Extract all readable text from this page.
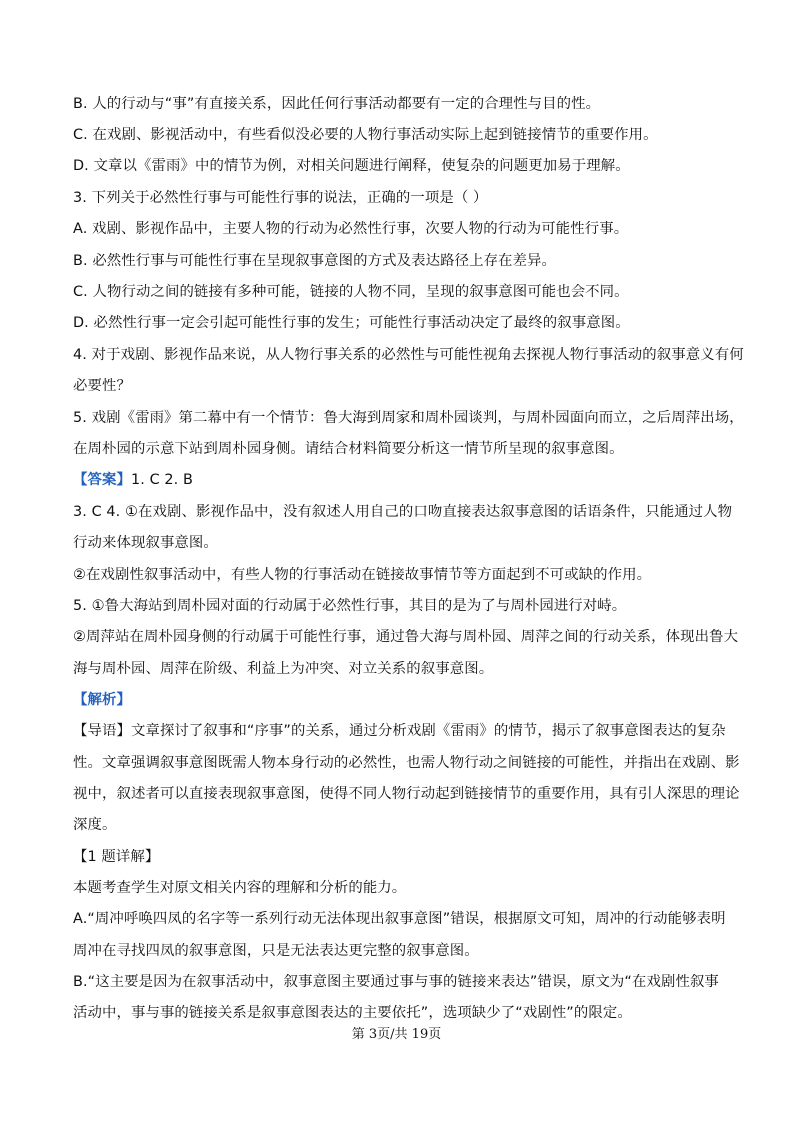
B. 人的行动与“事”有直接关系，因此任何行事活动都要有一定的合理性与目的性。
C. 在戏剧、影视活动中，有些看似没必要的人物行事活动实际上起到链接情节的重要作用。
D. 文章以《雷雨》中的情节为例，对相关问题进行阐释，使复杂的问题更加易于理解。
3. 下列关于必然性行事与可能性行事的说法，正确的一项是（ ）
A. 戏剧、影视作品中，主要人物的行动为必然性行事，次要人物的行动为可能性行事。
B. 必然性行事与可能性行事在呈现叙事意图的方式及表达路径上存在差异。
C. 人物行动之间的链接有多种可能，链接的人物不同，呈现的叙事意图可能也会不同。
D. 必然性行事一定会引起可能性行事的发生；可能性行事活动决定了最终的叙事意图。
4. 对于戏剧、影视作品来说，从人物行事关系的必然性与可能性视角去探视人物行事活动的叙事意义有何
必要性？
5. 戏剧《雷雨》第二幕中有一个情节：鲁大海到周家和周朴园谈判，与周朴园面向而立，之后周萍出场，
在周朴园的示意下站到周朴园身侧。请结合材料简要分析这一情节所呈现的叙事意图。
【答案】1. C 2. B
3. C 4. ①在戏剧、影视作品中，没有叙述人用自己的口吻直接表达叙事意图的话语条件，只能通过人物
行动来体现叙事意图。
②在戏剧性叙事活动中，有些人物的行事活动在链接故事情节等方面起到不可或缺的作用。
5. ①鲁大海站到周朴园对面的行动属于必然性行事，其目的是为了与周朴园进行对峙。
②周萍站在周朴园身侧的行动属于可能性行事，通过鲁大海与周朴园、周萍之间的行动关系，体现出鲁大
海与周朴园、周萍在阶级、利益上为冲突、对立关系的叙事意图。
【解析】
【导语】文章探讨了叙事和“序事”的关系，通过分析戏剧《雷雨》的情节，揭示了叙事意图表达的复杂
性。文章强调叙事意图既需人物本身行动的必然性，也需人物行动之间链接的可能性，并指出在戏剧、影
视中，叙述者可以直接表现叙事意图，使得不同人物行动起到链接情节的重要作用，具有引人深思的理论
深度。
【1 题详解】
本题考查学生对原文相关内容的理解和分析的能力。
A.“周冲呼唤四凤的名字等一系列行动无法体现出叙事意图”错误，根据原文可知，周冲的行动能够表明
周冲在寻找四凤的叙事意图，只是无法表达更完整的叙事意图。
B.“这主要是因为在叙事活动中，叙事意图主要通过事与事的链接来表达”错误，原文为“在戏剧性叙事
活动中，事与事的链接关系是叙事意图表达的主要依托”，选项缺少了“戏剧性”的限定。
第 3页/共 19页
